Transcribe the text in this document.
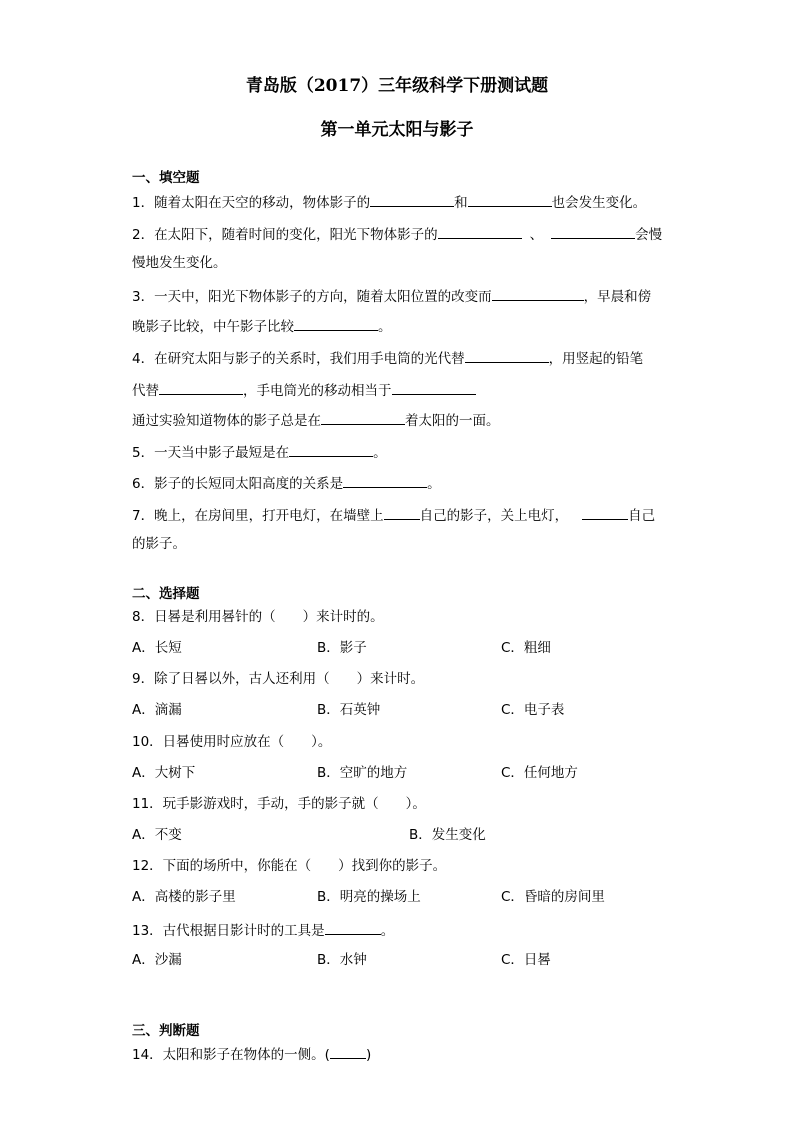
青岛版（2017）三年级科学下册测试题
第一单元太阳与影子
一、填空题
1．随着太阳在天空的移动，物体影子的	和	也会发生变化。
2．在太阳下，随着时间的变化，阳光下物体影子的	、	会慢
慢地发生变化。
3．一天中，阳光下物体影子的方向，随着太阳位置的改变而	，早晨和傍
晚影子比较，中午影子比较	。
4．在研究太阳与影子的关系时，我们用手电筒的光代替	，用竖起的铅笔
代替	，手电筒光的移动相当于
通过实验知道物体的影子总是在	着太阳的一面。
5．一天当中影子最短是在	。
6．影子的长短同太阳高度的关系是	。
7．晚上，在房间里，打开电灯，在墙壁上	自己的影子，关上电灯，	自己
的影子。
二、选择题
8．日晷是利用晷针的（　　）来计时的。
A．长短	B．影子	C．粗细
9．除了日晷以外，古人还利用（　　）来计时。
A．滴漏	B．石英钟	C．电子表
10．日晷使用时应放在（　　）。
A．大树下	B．空旷的地方	C．任何地方
11．玩手影游戏时，手动，手的影子就（　　）。
A．不变	B．发生变化
12．下面的场所中，你能在（　　）找到你的影子。
A．高楼的影子里	B．明亮的操场上	C．昏暗的房间里
13．古代根据日影计时的工具是	。
A．沙漏	B．水钟	C．日晷
三、判断题
14．太阳和影子在物体的一侧。(	)
